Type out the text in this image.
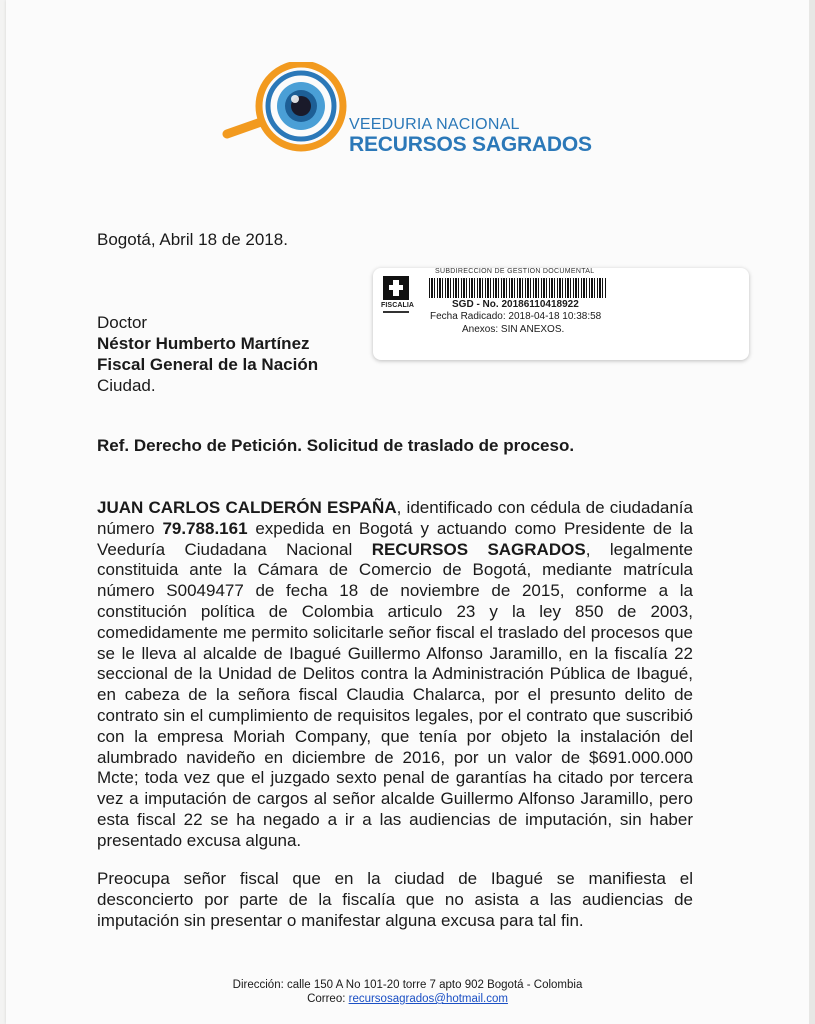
VEEDURIA NACIONAL
RECURSOS SAGRADOS
Bogotá, Abril 18 de 2018.
FISCALIA
SUBDIRECCION DE GESTION DOCUMENTAL
SGD - No. 20186110418922
Fecha Radicado: 2018-04-18 10:38:58
Anexos: SIN ANEXOS.
Doctor
Néstor Humberto Martínez
Fiscal General de la Nación
Ciudad.
Ref. Derecho de Petición. Solicitud de traslado de proceso.
JUAN CARLOS CALDERÓN ESPAÑA, identificado con cédula de ciudadanía número 79.788.161 expedida en Bogotá y actuando como Presidente de la Veeduría Ciudadana Nacional RECURSOS SAGRADOS, legalmente constituida ante la Cámara de Comercio de Bogotá, mediante matrícula número S0049477 de fecha 18 de noviembre de 2015, conforme a la constitución política de Colombia articulo 23 y la ley 850 de 2003, comedidamente me permito solicitarle señor fiscal el traslado del procesos que se le lleva al alcalde de Ibagué Guillermo Alfonso Jaramillo, en la fiscalía 22 seccional de la Unidad de Delitos contra la Administración Pública de Ibagué, en cabeza de la señora fiscal Claudia Chalarca, por el presunto delito de contrato sin el cumplimiento de requisitos legales, por el contrato que suscribió con la empresa Moriah Company, que tenía por objeto la instalación del alumbrado navideño en diciembre de 2016, por un valor de $691.000.000 Mcte; toda vez que el juzgado sexto penal de garantías ha citado por tercera vez a imputación de cargos al señor alcalde Guillermo Alfonso Jaramillo, pero esta fiscal 22 se ha negado a ir a las audiencias de imputación, sin haber presentado excusa alguna.
Preocupa señor fiscal que en la ciudad de Ibagué se manifiesta el desconcierto por parte de la fiscalía que no asista a las audiencias de imputación sin presentar o manifestar alguna excusa para tal fin.
Dirección: calle 150 A No 101-20 torre 7 apto 902 Bogotá - Colombia
Correo: recursosagrados@hotmail.com
